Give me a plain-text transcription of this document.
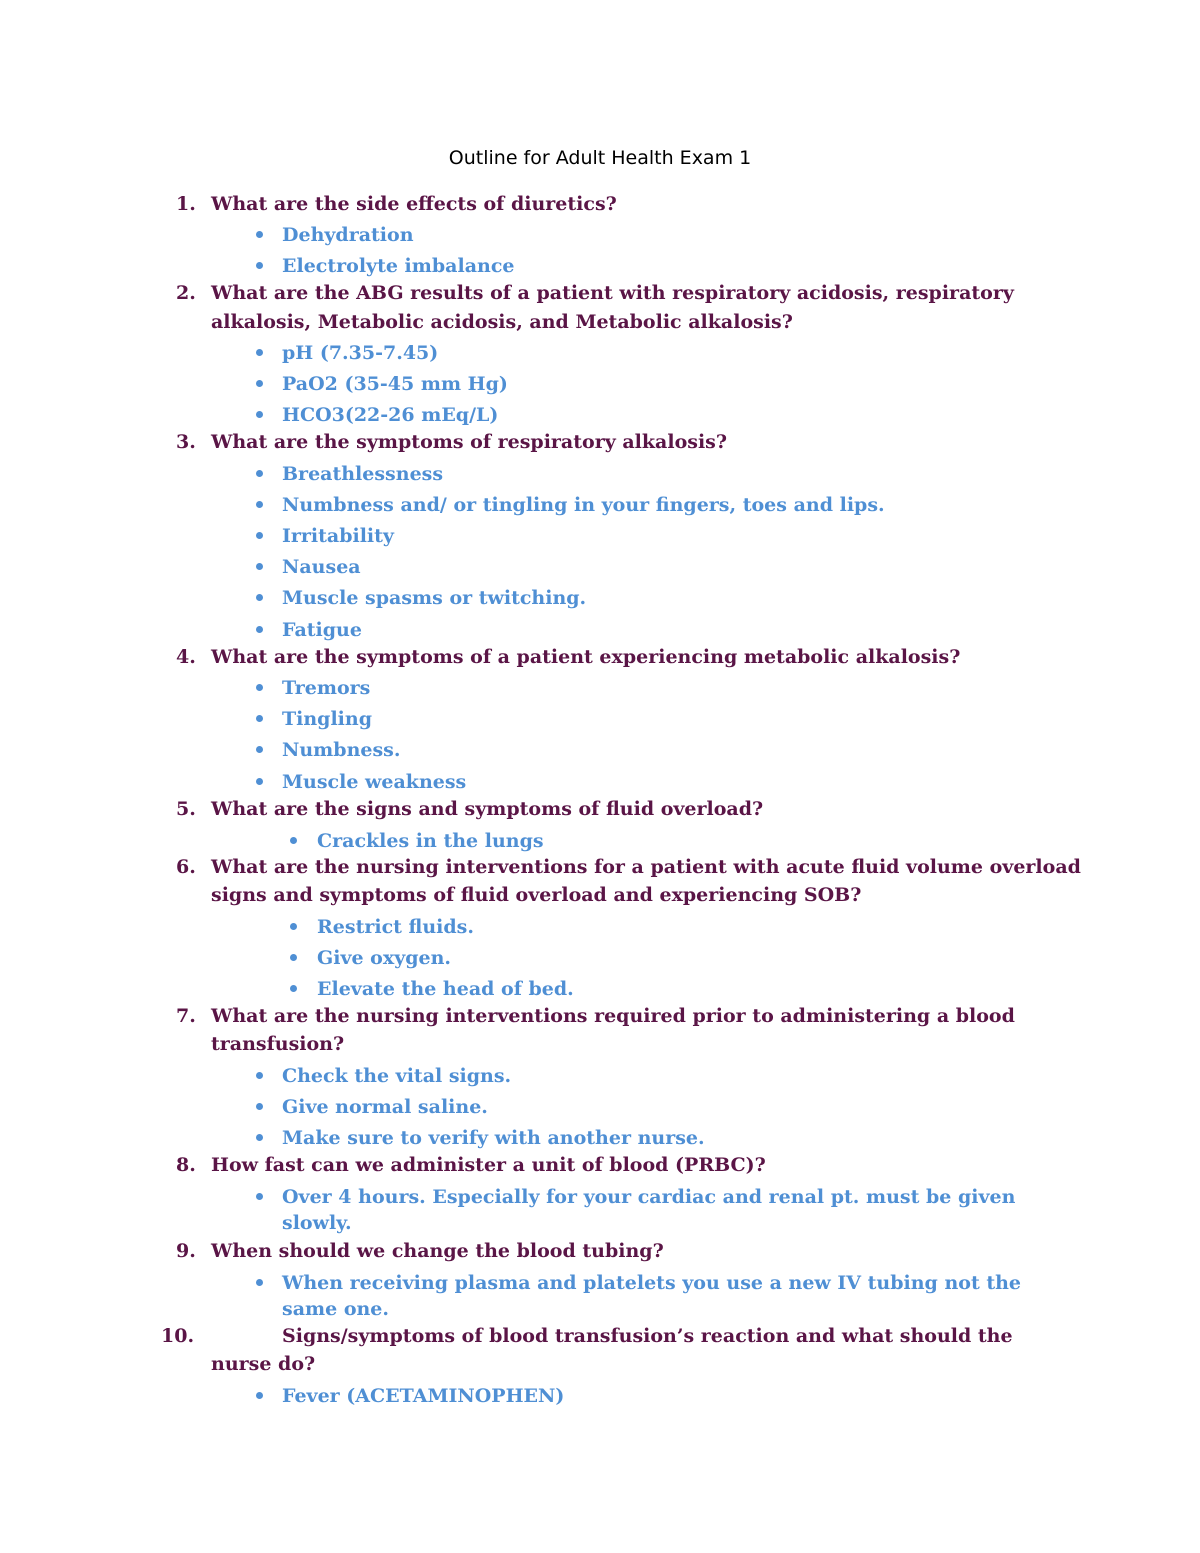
Outline for Adult Health Exam 1
1. What are the side effects of diuretics?
Dehydration
Electrolyte imbalance
2. What are the ABG results of a patient with respiratory acidosis, respiratory
alkalosis, Metabolic acidosis, and Metabolic alkalosis?
pH (7.35-7.45)
PaO2 (35-45 mm Hg)
HCO3(22-26 mEq/L)
3. What are the symptoms of respiratory alkalosis?
Breathlessness
Numbness and/ or tingling in your fingers, toes and lips.
Irritability
Nausea
Muscle spasms or twitching.
Fatigue
4. What are the symptoms of a patient experiencing metabolic alkalosis?
Tremors
Tingling
Numbness.
Muscle weakness
5. What are the signs and symptoms of fluid overload?
Crackles in the lungs
6. What are the nursing interventions for a patient with acute fluid volume overload
signs and symptoms of fluid overload and experiencing SOB?
Restrict fluids.
Give oxygen.
Elevate the head of bed.
7. What are the nursing interventions required prior to administering a blood
transfusion?
Check the vital signs.
Give normal saline.
Make sure to verify with another nurse.
8. How fast can we administer a unit of blood (PRBC)?
Over 4 hours. Especially for your cardiac and renal pt. must be given
slowly.
9. When should we change the blood tubing?
When receiving plasma and platelets you use a new IV tubing not the
same one.
10.	Signs/symptoms of blood transfusion’s reaction and what should the
nurse do?
Fever (ACETAMINOPHEN)
